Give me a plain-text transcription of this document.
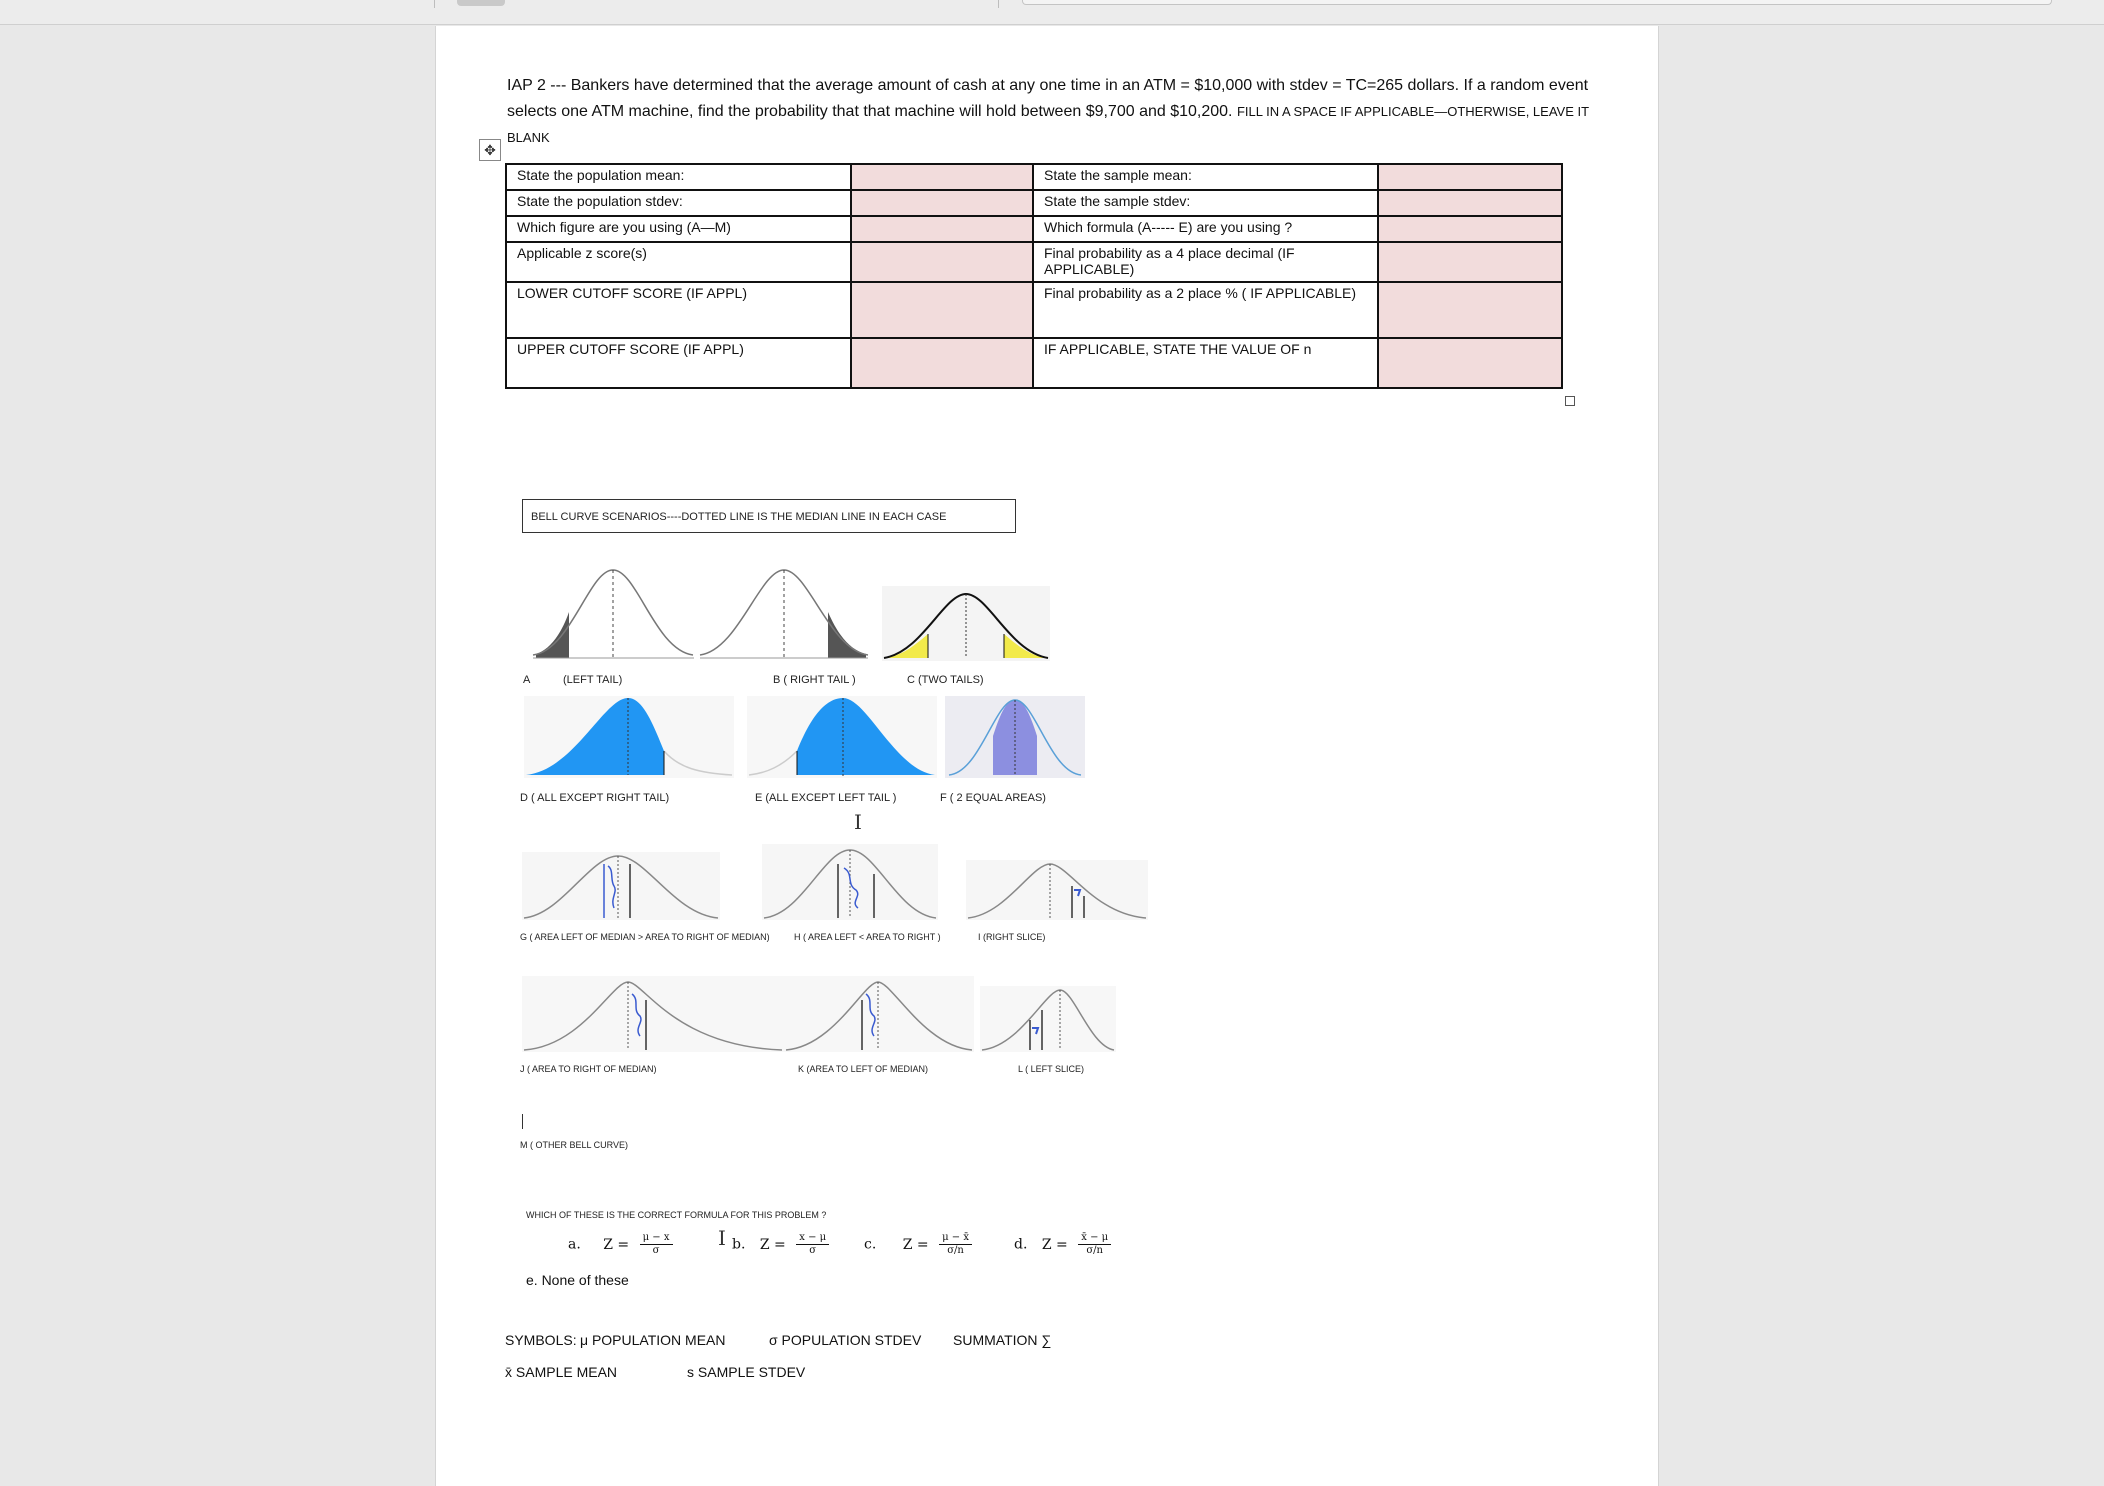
IAP 2 --- Bankers have determined that the average amount of cash at any one time in an ATM = $10,000 with stdev = TC=265 dollars. If a random event selects one ATM machine, find the probability that that machine will hold between $9,700 and $10,200. FILL IN A SPACE IF APPLICABLE—OTHERWISE, LEAVE IT BLANK
✥
State the population mean:		State the sample mean:	
State the population stdev:		State the sample stdev:	
Which figure are you using (A—M)		Which formula (A----- E) are you using ?	
Applicable z score(s)		Final probability as a 4 place decimal (IF APPLICABLE)	
LOWER CUTOFF SCORE (IF APPL)		Final probability as a 2 place % ( IF APPLICABLE)	
UPPER CUTOFF SCORE (IF APPL)		IF APPLICABLE, STATE THE VALUE OF n	
BELL CURVE SCENARIOS----DOTTED LINE IS THE MEDIAN LINE IN EACH CASE
A	(LEFT TAIL)	B ( RIGHT TAIL )	C (TWO TAILS)
D ( ALL EXCEPT RIGHT TAIL)	E (ALL EXCEPT LEFT TAIL )	F ( 2 EQUAL AREAS)
I
G ( AREA LEFT OF MEDIAN > AREA TO RIGHT OF MEDIAN)	H ( AREA LEFT < AREA TO RIGHT )	I (RIGHT SLICE)
J ( AREA TO RIGHT OF MEDIAN)	K (AREA TO LEFT OF MEDIAN)	L ( LEFT SLICE)
M ( OTHER BELL CURVE)
WHICH OF THESE IS THE CORRECT FORMULA FOR THIS PROBLEM ?
a. $Z = \frac{\mu - x}{\sigma}$ I b. $Z = \frac{x - \mu}{\sigma} c$. $Z = \frac{\mu - x̄}{\sigma/n}$	d. $Z = \frac{x̄ - \mu}{\sigma/n}$
e. None of these
SYMBOLS: μ POPULATION MEAN	σ POPULATION STDEV SUMMATION ∑
x̄ SAMPLE MEAN	s SAMPLE STDEV
